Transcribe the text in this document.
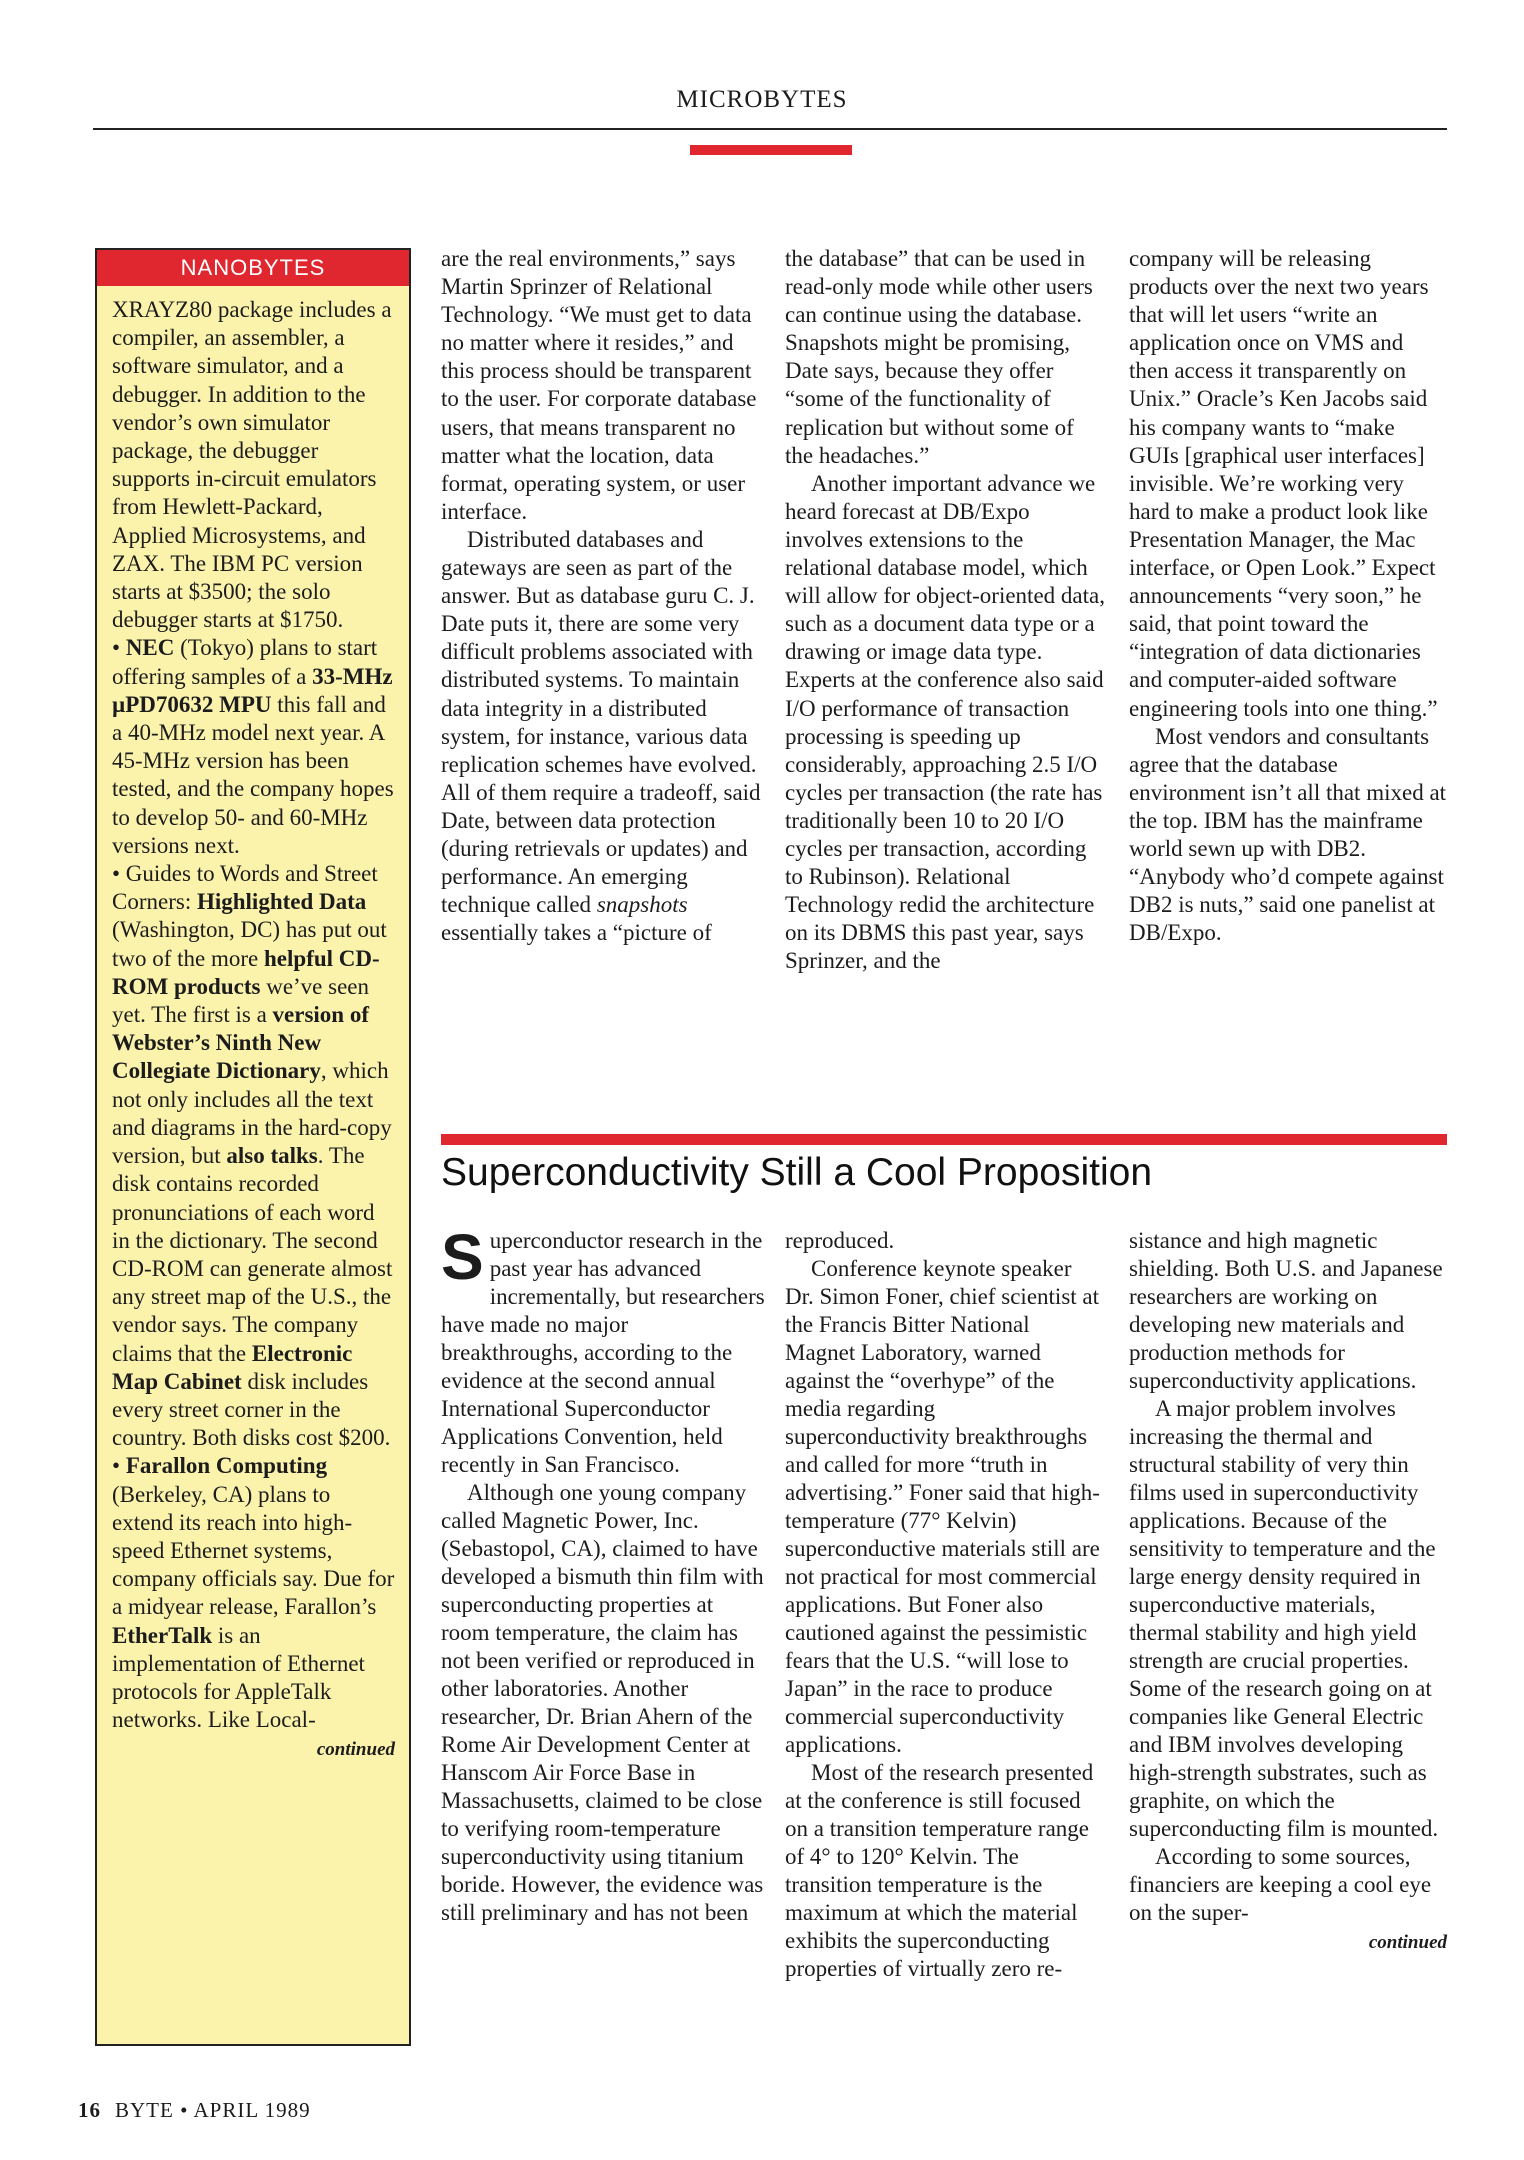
MICROBYTES
NANOBYTES

XRAYZ80 package includes a compiler, an assembler, a software simulator, and a debugger. In addition to the vendor’s own simulator package, the debugger supports in-circuit emulators from Hewlett-Packard, Applied Microsystems, and ZAX. The IBM PC version starts at $3500; the solo debugger starts at $1750.

• NEC (Tokyo) plans to start offering samples of a 33-MHz µPD70632 MPU this fall and a 40-MHz model next year. A 45-MHz version has been tested, and the company hopes to develop 50- and 60-MHz versions next.

• Guides to Words and Street Corners: Highlighted Data (Washington, DC) has put out two of the more helpful CD-ROM products we’ve seen yet. The first is a version of Webster’s Ninth New Collegiate Dictionary, which not only includes all the text and diagrams in the hard-copy version, but also talks. The disk contains recorded pronunciations of each word in the dictionary. The second CD-ROM can generate almost any street map of the U.S., the vendor says. The company claims that the Electronic Map Cabinet disk includes every street corner in the country. Both disks cost $200.

• Farallon Computing (Berkeley, CA) plans to extend its reach into high-speed Ethernet systems, company officials say. Due for a midyear release, Farallon’s EtherTalk is an implementation of Ethernet protocols for AppleTalk networks. Like Local-

continued

are the real environments,” says Martin Sprinzer of Relational Technology. “We must get to data no matter where it resides,” and this process should be transparent to the user. For corporate database users, that means transparent no matter what the location, data format, operating system, or user interface.

Distributed databases and gateways are seen as part of the answer. But as database guru C. J. Date puts it, there are some very difficult problems associated with distributed systems. To maintain data integrity in a distributed system, for instance, various data replication schemes have evolved. All of them require a tradeoff, said Date, between data protection (during retrievals or updates) and performance. An emerging technique called snapshots essentially takes a “picture of

the database” that can be used in read-only mode while other users can continue using the database. Snapshots might be promising, Date says, because they offer “some of the functionality of replication but without some of the headaches.”

Another important advance we heard forecast at DB/Expo involves extensions to the relational database model, which will allow for object-oriented data, such as a document data type or a drawing or image data type. Experts at the conference also said I/O performance of transaction processing is speeding up considerably, approaching 2.5 I/O cycles per transaction (the rate has traditionally been 10 to 20 I/O cycles per transaction, according to Rubinson). Relational Technology redid the architecture on its DBMS this past year, says Sprinzer, and the

company will be releasing products over the next two years that will let users “write an application once on VMS and then access it transparently on Unix.” Oracle’s Ken Jacobs said his company wants to “make GUIs [graphical user interfaces] invisible. We’re working very hard to make a product look like Presentation Manager, the Mac interface, or Open Look.” Expect announcements “very soon,” he said, that point toward the “integration of data dictionaries and computer-aided software engineering tools into one thing.”

Most vendors and consultants agree that the database environment isn’t all that mixed at the top. IBM has the mainframe world sewn up with DB2. “Anybody who’d compete against DB2 is nuts,” said one panelist at DB/Expo.

Superconductivity Still a Cool Proposition

Superconductor research in the past year has advanced incrementally, but researchers have made no major breakthroughs, according to the evidence at the second annual International Superconductor Applications Convention, held recently in San Francisco.

Although one young company called Magnetic Power, Inc. (Sebastopol, CA), claimed to have developed a bismuth thin film with superconducting properties at room temperature, the claim has not been verified or reproduced in other laboratories. Another researcher, Dr. Brian Ahern of the Rome Air Development Center at Hanscom Air Force Base in Massachusetts, claimed to be close to verifying room-temperature superconductivity using titanium boride. However, the evidence was still preliminary and has not been

reproduced.

Conference keynote speaker Dr. Simon Foner, chief scientist at the Francis Bitter National Magnet Laboratory, warned against the “overhype” of the media regarding superconductivity breakthroughs and called for more “truth in advertising.” Foner said that high-temperature (77° Kelvin) superconductive materials still are not practical for most commercial applications. But Foner also cautioned against the pessimistic fears that the U.S. “will lose to Japan” in the race to produce commercial superconductivity applications.

Most of the research presented at the conference is still focused on a transition temperature range of 4° to 120° Kelvin. The transition temperature is the maximum at which the material exhibits the superconducting properties of virtually zero re-

sistance and high magnetic shielding. Both U.S. and Japanese researchers are working on developing new materials and production methods for superconductivity applications.

A major problem involves increasing the thermal and structural stability of very thin films used in superconductivity applications. Because of the sensitivity to temperature and the large energy density required in superconductive materials, thermal stability and high yield strength are crucial properties. Some of the research going on at companies like General Electric and IBM involves developing high-strength substrates, such as graphite, on which the superconducting film is mounted.

According to some sources, financiers are keeping a cool eye on the super-

continued
16 BYTE • APRIL 1989
